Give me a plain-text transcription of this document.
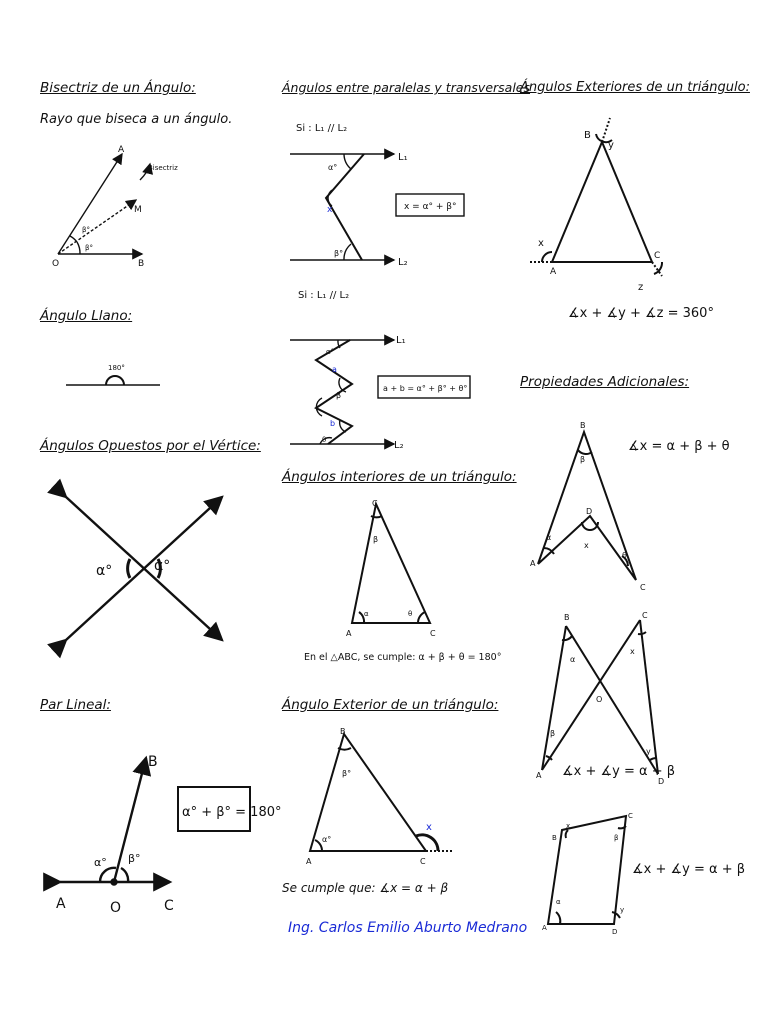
Bisectriz de un Ángulo:
Rayo que biseca a un ángulo.
Ángulo Llano:
Ángulos Opuestos por el Vértice:
Par Lineal:
Ángulos entre paralelas y transversales
Ángulos interiores de un triángulo:
Ángulo Exterior de un triángulo:
En el △ABC, se cumple: α + β + θ = 180°
Se cumple que: ∡x = α + β
Ángulos Exteriores de un triángulo:
∡x + ∡y + ∡z = 360°
Propiedades Adicionales:
∡x = α + β + θ
∡x + ∡y = α + β
∡x + ∡y = α + β
Ing. Carlos Emilio Aburto Medrano
A
M
O	B
Bisectriz
β°
β°
180°
α°	α°
B
A	O	C
α° β°
α° + β° = 180°
Si : L₁ // L₂
L₁
L₂
α°
x
β°
x = α° + β°
Si : L₁ // L₂
L₁
L₂
α°
a
β
b
θ
a + b = α° + β° + θ°
C
β
A	C
α	θ
B
β°
α°
A	C
x
B
y
x
A
C
z
B
β
D
x
α
θ
A
C
B	C
α
x
O
β
y
A
D
C
B
x
β
α
y
A	D
